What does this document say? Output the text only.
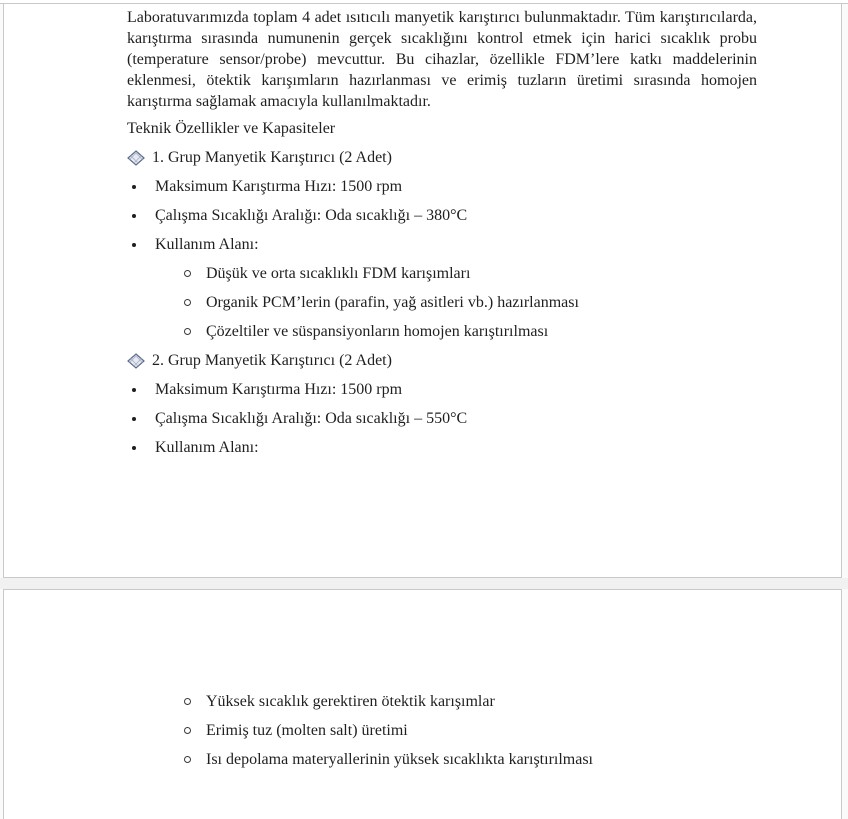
Laboratuvarımızda toplam 4 adet ısıtıcılı manyetik karıştırıcı bulunmaktadır. Tüm karıştırıcılarda, karıştırma sırasında numunenin gerçek sıcaklığını kontrol etmek için harici sıcaklık probu (temperature sensor/probe) mevcuttur. Bu cihazlar, özellikle FDM’lere katkı maddelerinin eklenmesi, ötektik karışımların hazırlanması ve erimiş tuzların üretimi sırasında homojen karıştırma sağlamak amacıyla kullanılmaktadır.

Teknik Özellikler ve Kapasiteler

1. Grup Manyetik Karıştırıcı (2 Adet)
Maksimum Karıştırma Hızı: 1500 rpm
Çalışma Sıcaklığı Aralığı: Oda sıcaklığı – 380°C
Kullanım Alanı:
Düşük ve orta sıcaklıklı FDM karışımları
Organik PCM’lerin (parafin, yağ asitleri vb.) hazırlanması
Çözeltiler ve süspansiyonların homojen karıştırılması
2. Grup Manyetik Karıştırıcı (2 Adet)
Maksimum Karıştırma Hızı: 1500 rpm
Çalışma Sıcaklığı Aralığı: Oda sıcaklığı – 550°C
Kullanım Alanı:
Yüksek sıcaklık gerektiren ötektik karışımlar
Erimiş tuz (molten salt) üretimi
Isı depolama materyallerinin yüksek sıcaklıkta karıştırılması
